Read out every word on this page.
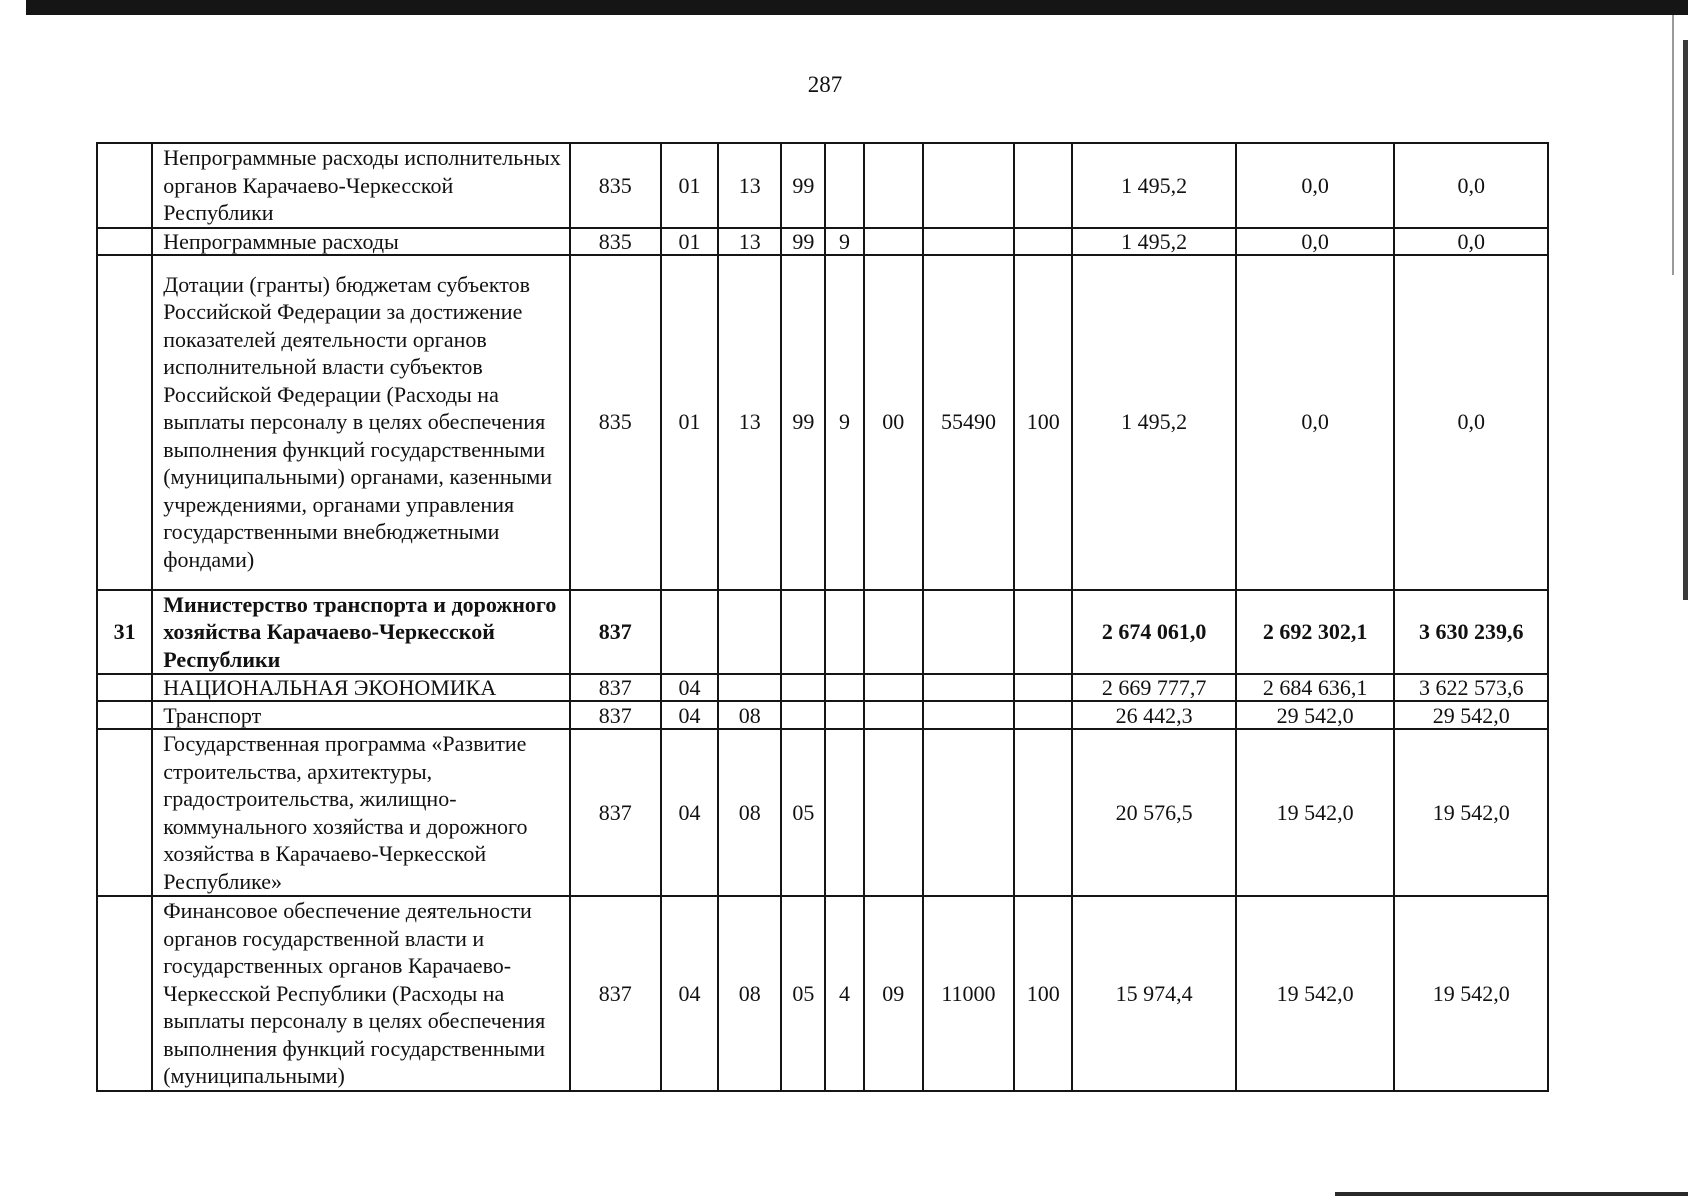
287
	Непрограммные расходы исполнительных органов Карачаево-Черкесской Республики	835	01	13	99					1 495,2	0,0	0,0
	Непрограммные расходы	835	01	13	99	9				1 495,2	0,0	0,0
	Дотации (гранты) бюджетам субъектов Российской Федерации за достижение показателей деятельности органов исполнительной власти субъектов Российской Федерации (Расходы на выплаты персоналу в целях обеспечения выполнения функций государственными (муниципальными) органами, казенными учреждениями, органами управления государственными внебюджетными фондами)	835	01	13	99	9	00	55490	100	1 495,2	0,0	0,0
31	Министерство транспорта и дорожного хозяйства Карачаево-Черкесской Республики	837								2 674 061,0	2 692 302,1	3 630 239,6
	НАЦИОНАЛЬНАЯ ЭКОНОМИКА	837	04							2 669 777,7	2 684 636,1	3 622 573,6
	Транспорт	837	04	08						26 442,3	29 542,0	29 542,0
	Государственная программа «Развитие строительства, архитектуры, градостроительства, жилищно-коммунального хозяйства и дорожного хозяйства в Карачаево-Черкесской Республике»	837	04	08	05					20 576,5	19 542,0	19 542,0
	Финансовое обеспечение деятельности органов государственной власти и государственных органов Карачаево-Черкесской Республики (Расходы на выплаты персоналу в целях обеспечения выполнения функций государственными (муниципальными)	837	04	08	05	4	09	11000	100	15 974,4	19 542,0	19 542,0
